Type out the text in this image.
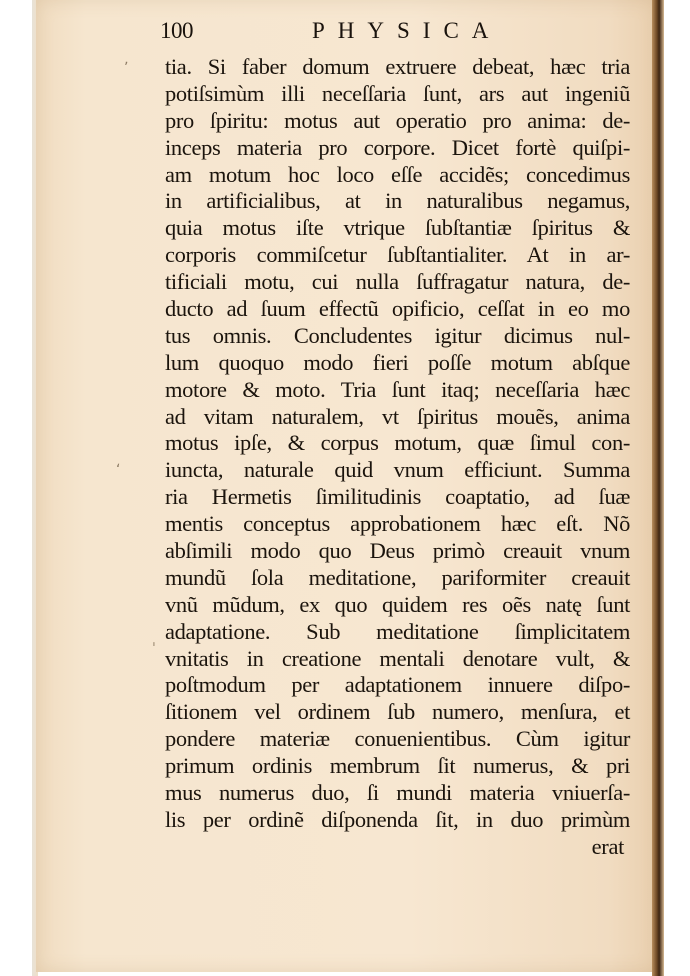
100	PHYSICA
ʼ
ʻ
ˌ
tia. Si faber domum extruere debeat, hæc tria
potiſsimùm illi neceſſaria ſunt, ars aut ingeniũ
pro ſpiritu: motus aut operatio pro anima: de-
inceps materia pro corpore. Dicet fortè quiſpi-
am motum hoc loco eſſe accidẽs; concedimus
in artificialibus, at in naturalibus negamus,
quia motus iſte vtrique ſubſtantiæ ſpiritus &
corporis commiſcetur ſubſtantialiter. At in ar-
tificiali motu, cui nulla ſuffragatur natura, de-
ducto ad ſuum effectũ opificio, ceſſat in eo mo
tus omnis. Concludentes igitur dicimus nul-
lum quoquo modo fieri poſſe motum abſque
motore & moto. Tria ſunt itaq; neceſſaria hæc
ad vitam naturalem, vt ſpiritus mouẽs, anima
motus ipſe, & corpus motum, quæ ſimul con-
iuncta, naturale quid vnum efficiunt. Summa
ria Hermetis ſimilitudinis coaptatio, ad ſuæ
mentis conceptus approbationem hæc eſt. Nõ
abſimili modo quo Deus primò creauit vnum
mundũ ſola meditatione, pariformiter creauit
vnũ mũdum, ex quo quidem res oẽs natę ſunt
adaptatione. Sub meditatione ſimplicitatem
vnitatis in creatione mentali denotare vult, &
poſtmodum per adaptationem innuere diſpo-
ſitionem vel ordinem ſub numero, menſura, et
pondere materiæ conuenientibus. Cùm igitur
primum ordinis membrum ſit numerus, & pri
mus numerus duo, ſi mundi materia vniuerſa-
lis per ordinẽ diſponenda ſit, in duo primùm
erat
